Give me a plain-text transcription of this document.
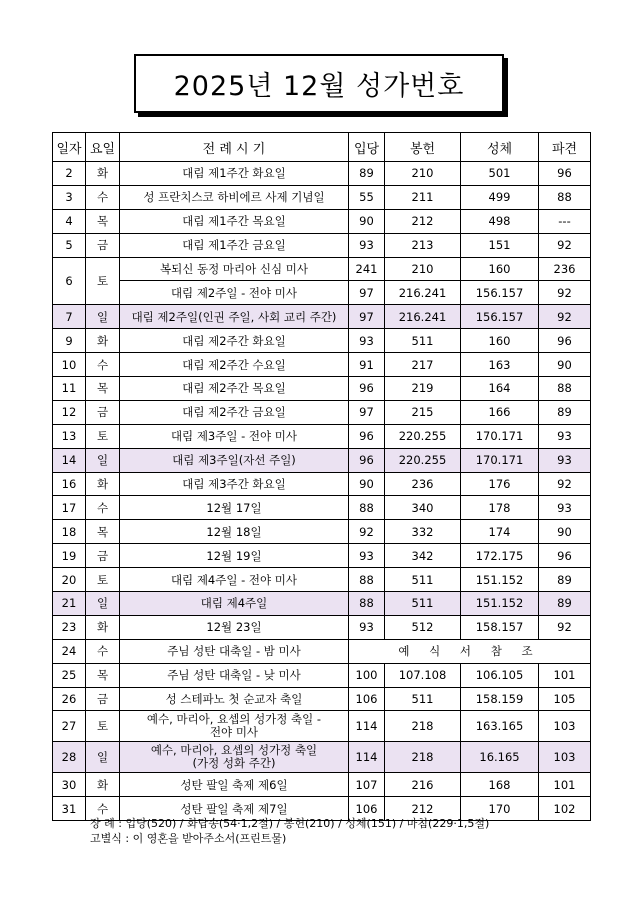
2025년 12월 성가번호
일자	요일	전 례 시 기	입당	봉헌	성체	파견
2	화	대림 제1주간 화요일	89	210	501	96
3	수	성 프란치스코 하비에르 사제 기념일	55	211	499	88
4	목	대림 제1주간 목요일	90	212	498	---
5	금	대림 제1주간 금요일	93	213	151	92
6	토	복되신 동정 마리아 신심 미사	241	210	160	236
		대림 제2주일 - 전야 미사	97	216.241	156.157	92
7	일	대림 제2주일(인권 주일, 사회 교리 주간)	97	216.241	156.157	92
9	화	대림 제2주간 화요일	93	511	160	96
10	수	대림 제2주간 수요일	91	217	163	90
11	목	대림 제2주간 목요일	96	219	164	88
12	금	대림 제2주간 금요일	97	215	166	89
13	토	대림 제3주일 - 전야 미사	96	220.255	170.171	93
14	일	대림 제3주일(자선 주일)	96	220.255	170.171	93
16	화	대림 제3주간 화요일	90	236	176	92
17	수	12월 17일	88	340	178	93
18	목	12월 18일	92	332	174	90
19	금	12월 19일	93	342	172.175	96
20	토	대림 제4주일 - 전야 미사	88	511	151.152	89
21	일	대림 제4주일	88	511	151.152	89
23	화	12월 23일	93	512	158.157	92
24	수	주님 성탄 대축일 - 밤 미사	예 식 서 참 조			
25	목	주님 성탄 대축일 - 낮 미사	100	107.108	106.105	101
26	금	성 스테파노 첫 순교자 축일	106	511	158.159	105
27	토	예수, 마리아, 요셉의 성가정 축일 -
전야 미사	114	218	163.165	103
28	일	예수, 마리아, 요셉의 성가정 축일
(가정 성화 주간)	114	218	16.165	103
30	화	성탄 팔일 축제 제6일	107	216	168	101
31	수	성탄 팔일 축제 제7일	106	212	170	102
장 례 : 입당(520) / 화답송(54·1,2절) / 봉헌(210) / 성체(151) / 마침(229·1,5절)
고별식 : 이 영혼을 받아주소서(프린트물)
